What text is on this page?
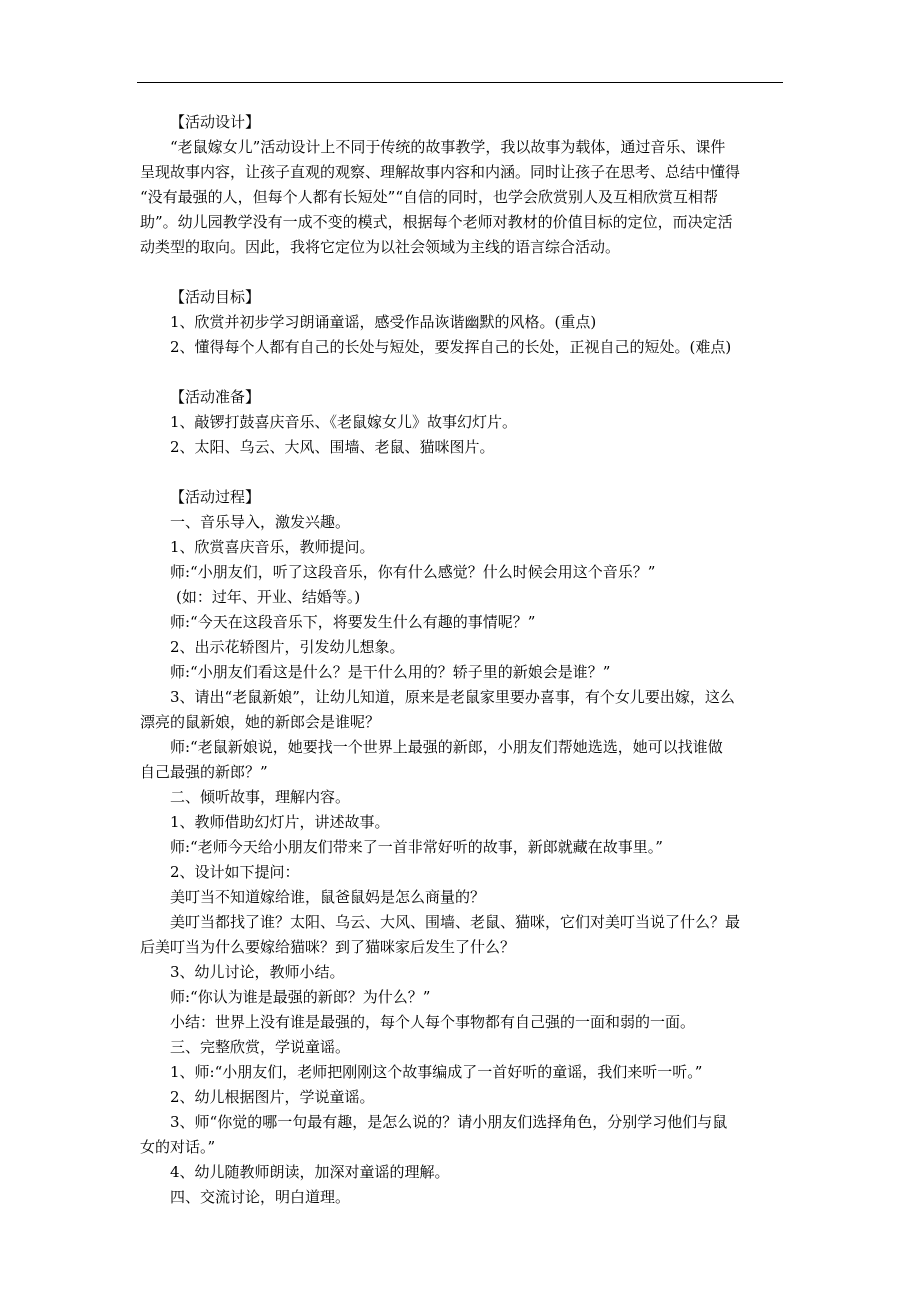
【活动设计】
“老鼠嫁女儿”活动设计上不同于传统的故事教学，我以故事为载体，通过音乐、课件
呈现故事内容，让孩子直观的观察、理解故事内容和内涵。同时让孩子在思考、总结中懂得
“没有最强的人，但每个人都有长短处”“自信的同时，也学会欣赏别人及互相欣赏互相帮
助”。幼儿园教学没有一成不变的模式，根据每个老师对教材的价值目标的定位，而决定活
动类型的取向。因此，我将它定位为以社会领域为主线的语言综合活动。
【活动目标】
1、欣赏并初步学习朗诵童谣，感受作品诙谐幽默的风格。(重点)
2、懂得每个人都有自己的长处与短处，要发挥自己的长处，正视自己的短处。(难点)
【活动准备】
1、敲锣打鼓喜庆音乐、《老鼠嫁女儿》故事幻灯片。
2、太阳、乌云、大风、围墙、老鼠、猫咪图片。
【活动过程】
一、音乐导入，激发兴趣。
1、欣赏喜庆音乐，教师提问。
师:“小朋友们，听了这段音乐，你有什么感觉？什么时候会用这个音乐？”
(如：过年、开业、结婚等。)
师:“今天在这段音乐下，将要发生什么有趣的事情呢？”
2、出示花轿图片，引发幼儿想象。
师:“小朋友们看这是什么？是干什么用的？轿子里的新娘会是谁？”
3、请出“老鼠新娘”，让幼儿知道，原来是老鼠家里要办喜事，有个女儿要出嫁，这么
漂亮的鼠新娘，她的新郎会是谁呢？
师:“老鼠新娘说，她要找一个世界上最强的新郎，小朋友们帮她选选，她可以找谁做
自己最强的新郎？”
二、倾听故事，理解内容。
1、教师借助幻灯片，讲述故事。
师:“老师今天给小朋友们带来了一首非常好听的故事，新郎就藏在故事里。”
2、设计如下提问：
美叮当不知道嫁给谁，鼠爸鼠妈是怎么商量的？
美叮当都找了谁？太阳、乌云、大风、围墙、老鼠、猫咪，它们对美叮当说了什么？最
后美叮当为什么要嫁给猫咪？到了猫咪家后发生了什么？
3、幼儿讨论，教师小结。
师:“你认为谁是最强的新郎？为什么？”
小结：世界上没有谁是最强的，每个人每个事物都有自己强的一面和弱的一面。
三、完整欣赏，学说童谣。
1、师:“小朋友们，老师把刚刚这个故事编成了一首好听的童谣，我们来听一听。”
2、幼儿根据图片，学说童谣。
3、师“你觉的哪一句最有趣，是怎么说的？请小朋友们选择角色，分别学习他们与鼠
女的对话。”
4、幼儿随教师朗读，加深对童谣的理解。
四、交流讨论，明白道理。
